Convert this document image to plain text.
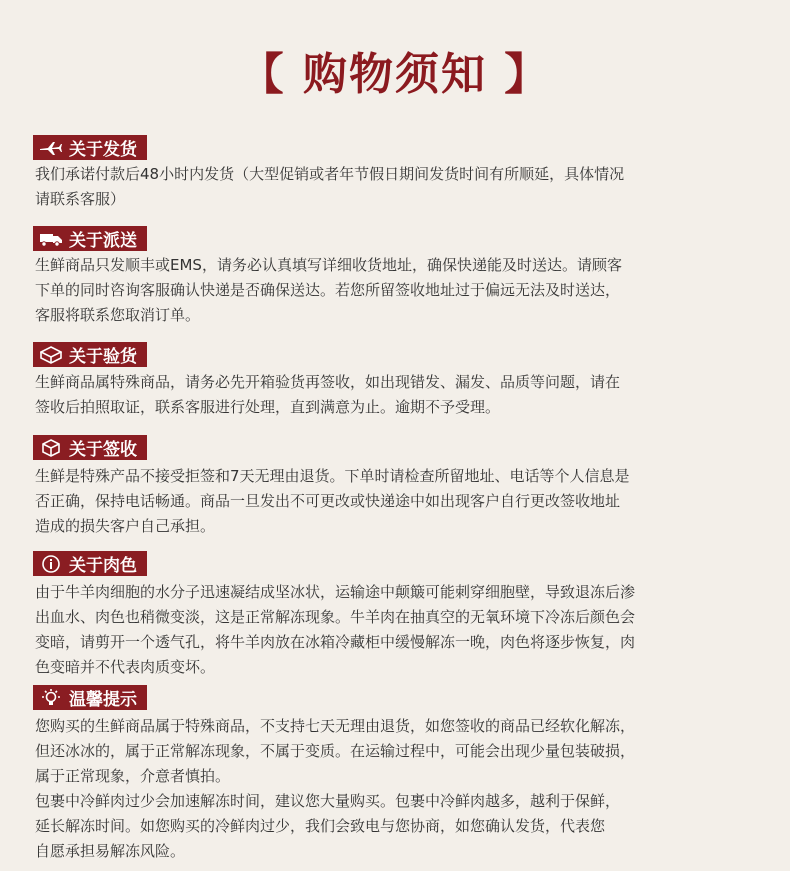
【 购物须知 】
关于发货
我们承诺付款后48小时内发货（大型促销或者年节假日期间发货时间有所顺延，具体情况
请联系客服）
关于派送
生鲜商品只发顺丰或EMS，请务必认真填写详细收货地址，确保快递能及时送达。请顾客
下单的同时咨询客服确认快递是否确保送达。若您所留签收地址过于偏远无法及时送达，
客服将联系您取消订单。
关于验货
生鲜商品属特殊商品，请务必先开箱验货再签收，如出现错发、漏发、品质等问题，请在
签收后拍照取证，联系客服进行处理，直到满意为止。逾期不予受理。
关于签收
生鲜是特殊产品不接受拒签和7天无理由退货。下单时请检查所留地址、电话等个人信息是
否正确，保持电话畅通。商品一旦发出不可更改或快递途中如出现客户自行更改签收地址
造成的损失客户自己承担。
关于肉色
由于牛羊肉细胞的水分子迅速凝结成坚冰状，运输途中颠簸可能刺穿细胞壁，导致退冻后渗
出血水、肉色也稍微变淡，这是正常解冻现象。牛羊肉在抽真空的无氧环境下冷冻后颜色会
变暗，请剪开一个透气孔，将牛羊肉放在冰箱冷藏柜中缓慢解冻一晚，肉色将逐步恢复，肉
色变暗并不代表肉质变坏。
温馨提示
您购买的生鲜商品属于特殊商品，不支持七天无理由退货，如您签收的商品已经软化解冻，
但还冰冰的，属于正常解冻现象，不属于变质。在运输过程中，可能会出现少量包装破损，
属于正常现象，介意者慎拍。
包裹中冷鲜肉过少会加速解冻时间，建议您大量购买。包裹中冷鲜肉越多，越利于保鲜，
延长解冻时间。如您购买的冷鲜肉过少，我们会致电与您协商，如您确认发货，代表您
自愿承担易解冻风险。
